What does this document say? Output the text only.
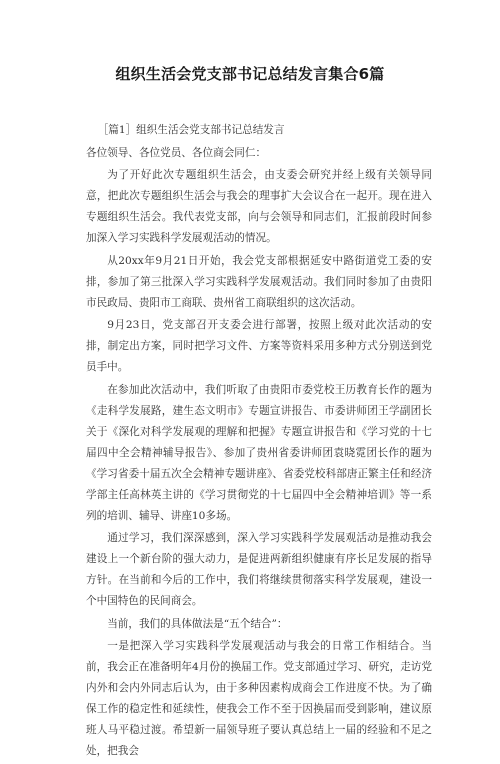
组织生活会党支部书记总结发言集合6篇

［篇1］组织生活会党支部书记总结发言

各位领导、各位党员、各位商会同仁：

为了开好此次专题组织生活会，由支委会研究并经上级有关领导同意，把此次专题组织生活会与我会的理事扩大会议合在一起开。现在进入专题组织生活会。我代表党支部，向与会领导和同志们，汇报前段时间参加深入学习实践科学发展观活动的情况。

从20xx年9月21日开始，我会党支部根据延安中路街道党工委的安排，参加了第三批深入学习实践科学发展观活动。我们同时参加了由贵阳市民政局、贵阳市工商联、贵州省工商联组织的这次活动。

9月23日，党支部召开支委会进行部署，按照上级对此次活动的安排，制定出方案，同时把学习文件、方案等资料采用多种方式分别送到党员手中。

在参加此次活动中，我们听取了由贵阳市委党校王历教育长作的题为《走科学发展路，建生态文明市》专题宣讲报告、市委讲师团王学副团长关于《深化对科学发展观的理解和把握》专题宣讲报告和《学习党的十七届四中全会精神辅导报告》、参加了贵州省委讲师团袁晓霓团长作的题为《学习省委十届五次全会精神专题讲座》、省委党校科部唐正繁主任和经济学部主任高林英主讲的《学习贯彻党的十七届四中全会精神培训》等一系列的培训、辅导、讲座10多场。

通过学习，我们深深感到，深入学习实践科学发展观活动是推动我会建设上一个新台阶的强大动力，是促进两新组织健康有序长足发展的指导方针。在当前和今后的工作中，我们将继续贯彻落实科学发展观，建设一个中国特色的民间商会。

当前，我们的具体做法是“五个结合”：

一是把深入学习实践科学发展观活动与我会的日常工作相结合。当前，我会正在准备明年4月份的换届工作。党支部通过学习、研究，走访党内外和会内外同志后认为，由于多种因素构成商会工作进度不快。为了确保工作的稳定性和延续性，使我会工作不至于因换届而受到影响，建议原班人马平稳过渡。希望新一届领导班子要认真总结上一届的经验和不足之处，把我会
